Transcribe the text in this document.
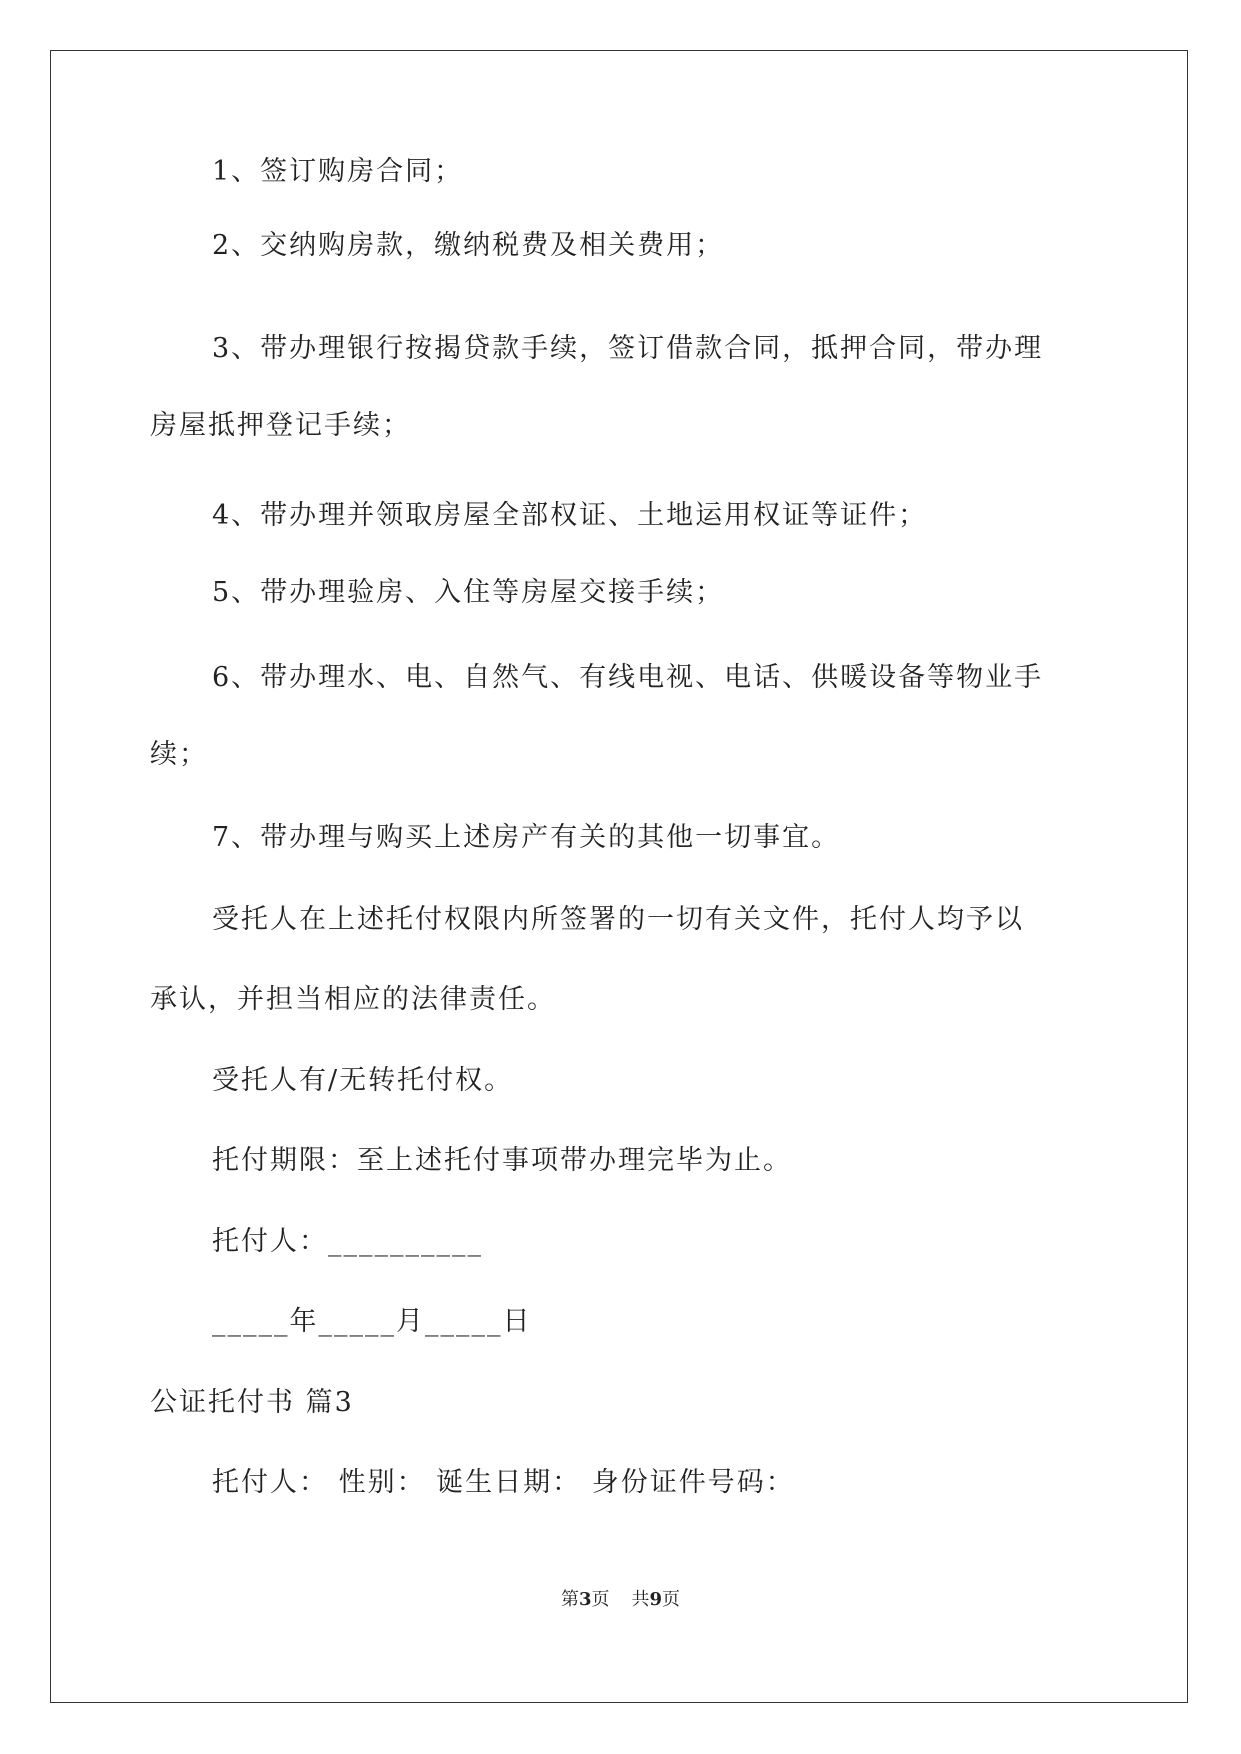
1、签订购房合同；
2、交纳购房款，缴纳税费及相关费用；
3、带办理银行按揭贷款手续，签订借款合同，抵押合同，带办理
房屋抵押登记手续；
4、带办理并领取房屋全部权证、土地运用权证等证件；
5、带办理验房、入住等房屋交接手续；
6、带办理水、电、自然气、有线电视、电话、供暖设备等物业手
续；
7、带办理与购买上述房产有关的其他一切事宜。
受托人在上述托付权限内所签署的一切有关文件，托付人均予以
承认，并担当相应的法律责任。
受托人有/无转托付权。
托付期限：至上述托付事项带办理完毕为止。
托付人：__________
_____年_____月_____日
公证托付书 篇3
托付人： 性别： 诞生日期： 身份证件号码：
第3页 共9页
